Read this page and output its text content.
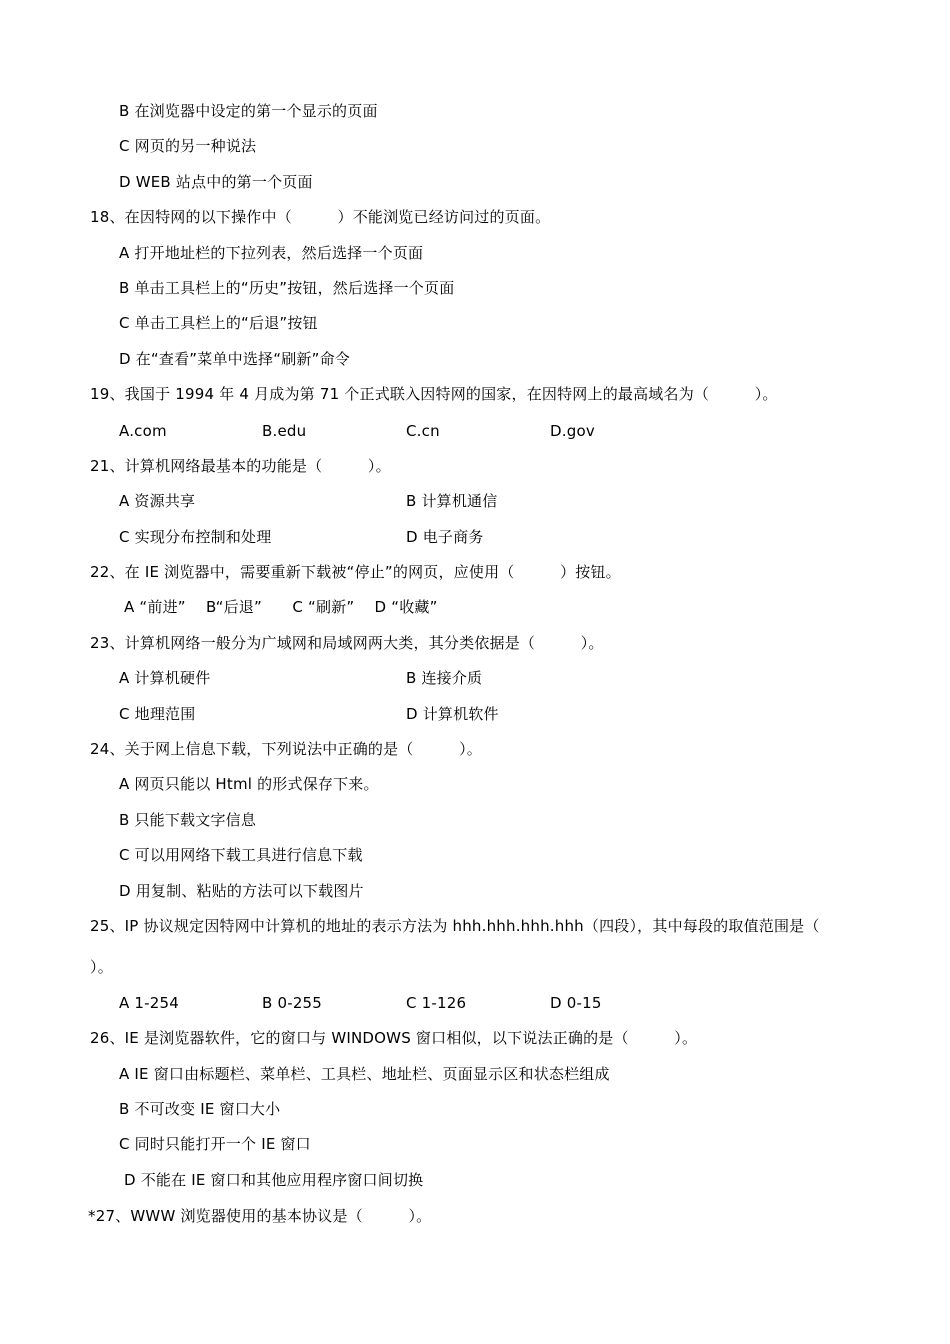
B 在浏览器中设定的第一个显示的页面
C 网页的另一种说法
D WEB 站点中的第一个页面
18、在因特网的以下操作中（　　　）不能浏览已经访问过的页面。
A 打开地址栏的下拉列表，然后选择一个页面
B 单击工具栏上的“历史”按钮，然后选择一个页面
C 单击工具栏上的“后退”按钮
D 在“查看”菜单中选择“刷新”命令
19、我国于 1994 年 4 月成为第 71 个正式联入因特网的国家，在因特网上的最高域名为（　　　）。
A.com	B.edu	C.cn	D.gov
21、计算机网络最基本的功能是（　　　）。
A 资源共享	B 计算机通信
C 实现分布控制和处理	D 电子商务
22、在 IE 浏览器中，需要重新下载被“停止”的网页，应使用（　　　）按钮。
A “前进”　 B“后退”　　C “刷新”　 D “收藏”
23、计算机网络一般分为广域网和局域网两大类，其分类依据是（　　　）。
A 计算机硬件	B 连接介质
C 地理范围	D 计算机软件
24、关于网上信息下载，下列说法中正确的是（　　　）。
A 网页只能以 Html 的形式保存下来。
B 只能下载文字信息
C 可以用网络下载工具进行信息下载
D 用复制、粘贴的方法可以下载图片
25、IP 协议规定因特网中计算机的地址的表示方法为 hhh.hhh.hhh.hhh（四段），其中每段的取值范围是（
）。
A 1-254	B 0-255	C 1-126	D 0-15
26、IE 是浏览器软件，它的窗口与 WINDOWS 窗口相似，以下说法正确的是（　　　）。
A IE 窗口由标题栏、菜单栏、工具栏、地址栏、页面显示区和状态栏组成
B 不可改变 IE 窗口大小
C 同时只能打开一个 IE 窗口
D 不能在 IE 窗口和其他应用程序窗口间切换
*27、WWW 浏览器使用的基本协议是（　　　）。
